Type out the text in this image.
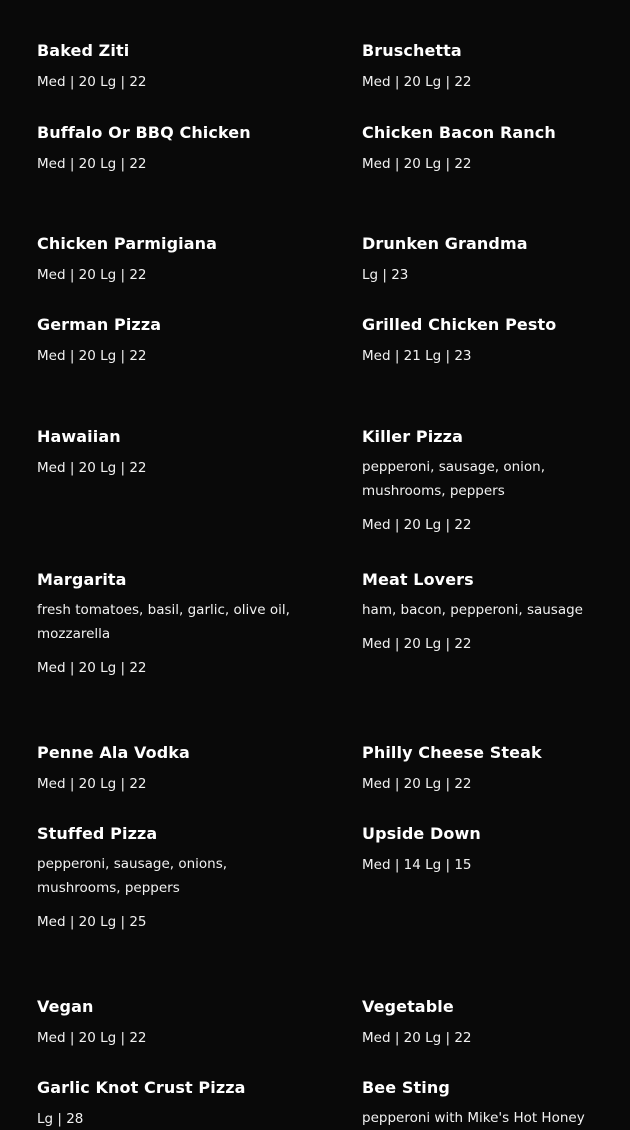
Baked Ziti
Med | 20 Lg | 22
Bruschetta
Med | 20 Lg | 22
Buffalo Or BBQ Chicken
Med | 20 Lg | 22
Chicken Bacon Ranch
Med | 20 Lg | 22
Chicken Parmigiana
Med | 20 Lg | 22
Drunken Grandma
Lg | 23
German Pizza
Med | 20 Lg | 22
Grilled Chicken Pesto
Med | 21 Lg | 23
Hawaiian
Med | 20 Lg | 22
Killer Pizza
pepperoni, sausage, onion, mushrooms, peppers
Med | 20 Lg | 22
Margarita
fresh tomatoes, basil, garlic, olive oil, mozzarella
Med | 20 Lg | 22
Meat Lovers
ham, bacon, pepperoni, sausage
Med | 20 Lg | 22
Penne Ala Vodka
Med | 20 Lg | 22
Philly Cheese Steak
Med | 20 Lg | 22
Stuffed Pizza
pepperoni, sausage, onions, mushrooms, peppers
Med | 20 Lg | 25
Upside Down
Med | 14 Lg | 15
Vegan
Med | 20 Lg | 22
Vegetable
Med | 20 Lg | 22
Garlic Knot Crust Pizza
Lg | 28
Bee Sting
pepperoni with Mike's Hot Honey
